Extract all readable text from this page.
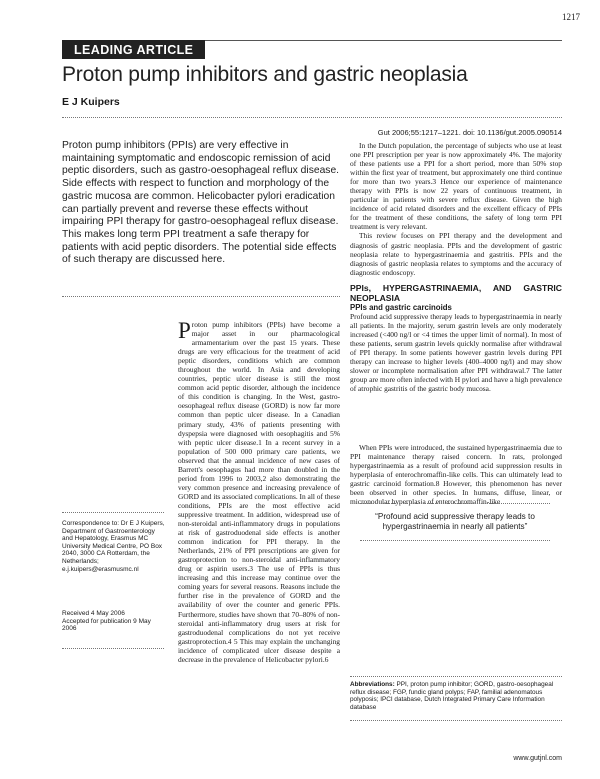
1217
LEADING ARTICLE
Proton pump inhibitors and gastric neoplasia
E J Kuipers
Gut 2006;55:1217–1221. doi: 10.1136/gut.2005.090514
Proton pump inhibitors (PPIs) are very effective in maintaining symptomatic and endoscopic remission of acid peptic disorders, such as gastro-oesophageal reflux disease. Side effects with respect to function and morphology of the gastric mucosa are common. Helicobacter pylori eradication can partially prevent and reverse these effects without impairing PPI therapy for gastro-oesophageal reflux disease. This makes long term PPI treatment a safe therapy for patients with acid peptic disorders. The potential side effects of such therapy are discussed here.
Proton pump inhibitors (PPIs) have become a major asset in our pharmacological armamentarium over the past 15 years. These drugs are very efficacious for the treatment of acid peptic disorders, conditions which are common throughout the world. In Asia and developing countries, peptic ulcer disease is still the most common acid peptic disorder, although the incidence of this condition is changing. In the West, gastro-oesophageal reflux disease (GORD) is now far more common than peptic ulcer disease. In a Canadian primary study, 43% of patients presenting with dyspepsia were diagnosed with oesophagitis and 5% with peptic ulcer disease.1 In a recent survey in a population of 500 000 primary care patients, we observed that the annual incidence of new cases of Barrett's oesophagus had more than doubled in the period from 1996 to 2003,2 also demonstrating the very common presence and increasing prevalence of GORD and its associated complications. In all of these conditions, PPIs are the most effective acid suppressive treatment. In addition, widespread use of non-steroidal anti-inflammatory drugs in populations at risk of gastroduodenal side effects is another common indication for PPI therapy. In the Netherlands, 21% of PPI prescriptions are given for gastroprotection to non-steroidal anti-inflammatory drug or aspirin users.3 The use of PPIs is thus increasing and this increase may continue over the coming years for several reasons. Reasons include the further rise in the prevalence of GORD and the availability of over the counter and generic PPIs. Furthermore, studies have shown that 70–80% of non-steroidal anti-inflammatory drug users at risk for gastroduodenal complications do not yet receive gastroprotection.4 5 This may explain the unchanging incidence of complicated ulcer disease despite a decrease in the prevalence of Helicobacter pylori.6
Correspondence to: Dr E J Kuipers, Department of Gastroenterology and Hepatology, Erasmus MC University Medical Centre, PO Box 2040, 3000 CA Rotterdam, the Netherlands; e.j.kuipers@erasmusmc.nl
Received 4 May 2006
Accepted for publication 9 May 2006

In the Dutch population, the percentage of subjects who use at least one PPI prescription per year is now approximately 4%. The majority of these patients use a PPI for a short period, more than 50% stop within the first year of treatment, but approximately one third continue for more than two years.3 Hence our experience of maintenance therapy with PPIs is now 22 years of continuous treatment, in particular in patients with severe reflux disease. Given the high incidence of acid related disorders and the excellent efficacy of PPIs for the treatment of these conditions, the safety of long term PPI treatment is very relevant.

This review focuses on PPI therapy and the development and diagnosis of gastric neoplasia. PPIs and the development of gastric neoplasia relate to hypergastrinaemia and gastritis. PPIs and the diagnosis of gastric neoplasia relates to symptoms and the accuracy of diagnostic endoscopy.

PPIs, HYPERGASTRINAEMIA, AND GASTRIC NEOPLASIA
PPIs and gastric carcinoids

Profound acid suppressive therapy leads to hypergastrinaemia in nearly all patients. In the majority, serum gastrin levels are only moderately increased (<400 ng/l or <4 times the upper limit of normal). In most of these patients, serum gastrin levels quickly normalise after withdrawal of PPI therapy. In some patients however gastrin levels during PPI therapy can increase to higher levels (400–4000 ng/l) and may show slower or incomplete normalisation after PPI withdrawal.7 The latter group are more often infected with H pylori and have a high prevalence of atrophic gastritis of the gastric body mucosa.

When PPIs were introduced, the sustained hypergastrinaemia due to PPI maintenance therapy raised concern. In rats, prolonged hypergastrinaemia as a result of profound acid suppression results in hyperplasia of enterochromaffin-like cells. This can ultimately lead to gastric carcinoid formation.8 However, this phenomenon has never been observed in other species. In humans, diffuse, linear, or micronodular hyperplasia of enterochromaffin-like

“Profound acid suppressive therapy leads to hypergastrinaemia in nearly all patients”
Abbreviations: PPI, proton pump inhibitor; GORD, gastro-oesophageal reflux disease; FGP, fundic gland polyps; FAP, familial adenomatous polyposis; IPCI database, Dutch Integrated Primary Care Information database
www.gutjnl.com
